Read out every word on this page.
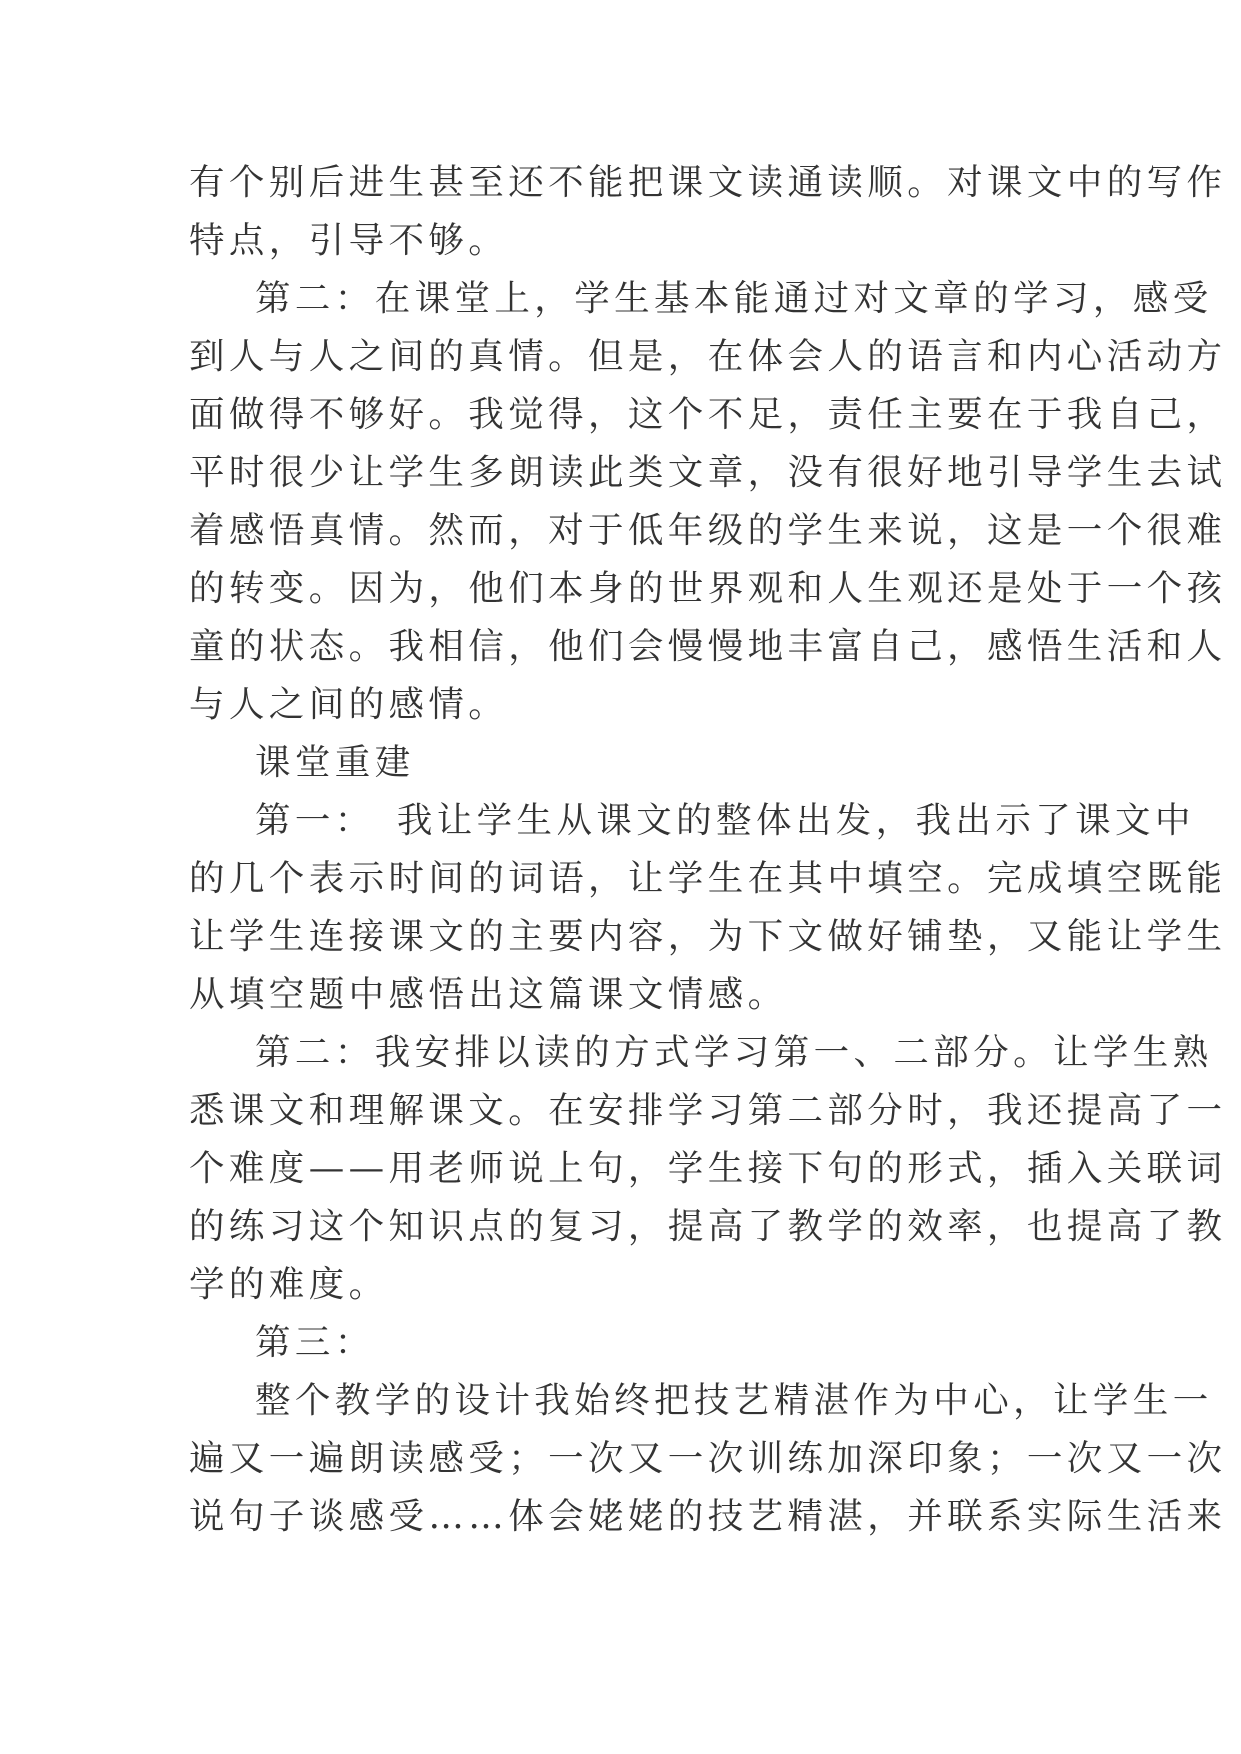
有个别后进生甚至还不能把课文读通读顺。对课文中的写作
特点，引导不够。
第二：在课堂上，学生基本能通过对文章的学习，感受
到人与人之间的真情。但是，在体会人的语言和内心活动方
面做得不够好。我觉得，这个不足，责任主要在于我自己，
平时很少让学生多朗读此类文章，没有很好地引导学生去试
着感悟真情。然而，对于低年级的学生来说，这是一个很难
的转变。因为，他们本身的世界观和人生观还是处于一个孩
童的状态。我相信，他们会慢慢地丰富自己，感悟生活和人
与人之间的感情。
课堂重建
第一：　我让学生从课文的整体出发，我出示了课文中
的几个表示时间的词语，让学生在其中填空。完成填空既能
让学生连接课文的主要内容，为下文做好铺垫，又能让学生
从填空题中感悟出这篇课文情感。
第二：我安排以读的方式学习第一、二部分。让学生熟
悉课文和理解课文。在安排学习第二部分时，我还提高了一
个难度——用老师说上句，学生接下句的形式，插入关联词
的练习这个知识点的复习，提高了教学的效率，也提高了教
学的难度。
第三：
整个教学的设计我始终把技艺精湛作为中心，让学生一
遍又一遍朗读感受；一次又一次训练加深印象；一次又一次
说句子谈感受……体会姥姥的技艺精湛，并联系实际生活来
